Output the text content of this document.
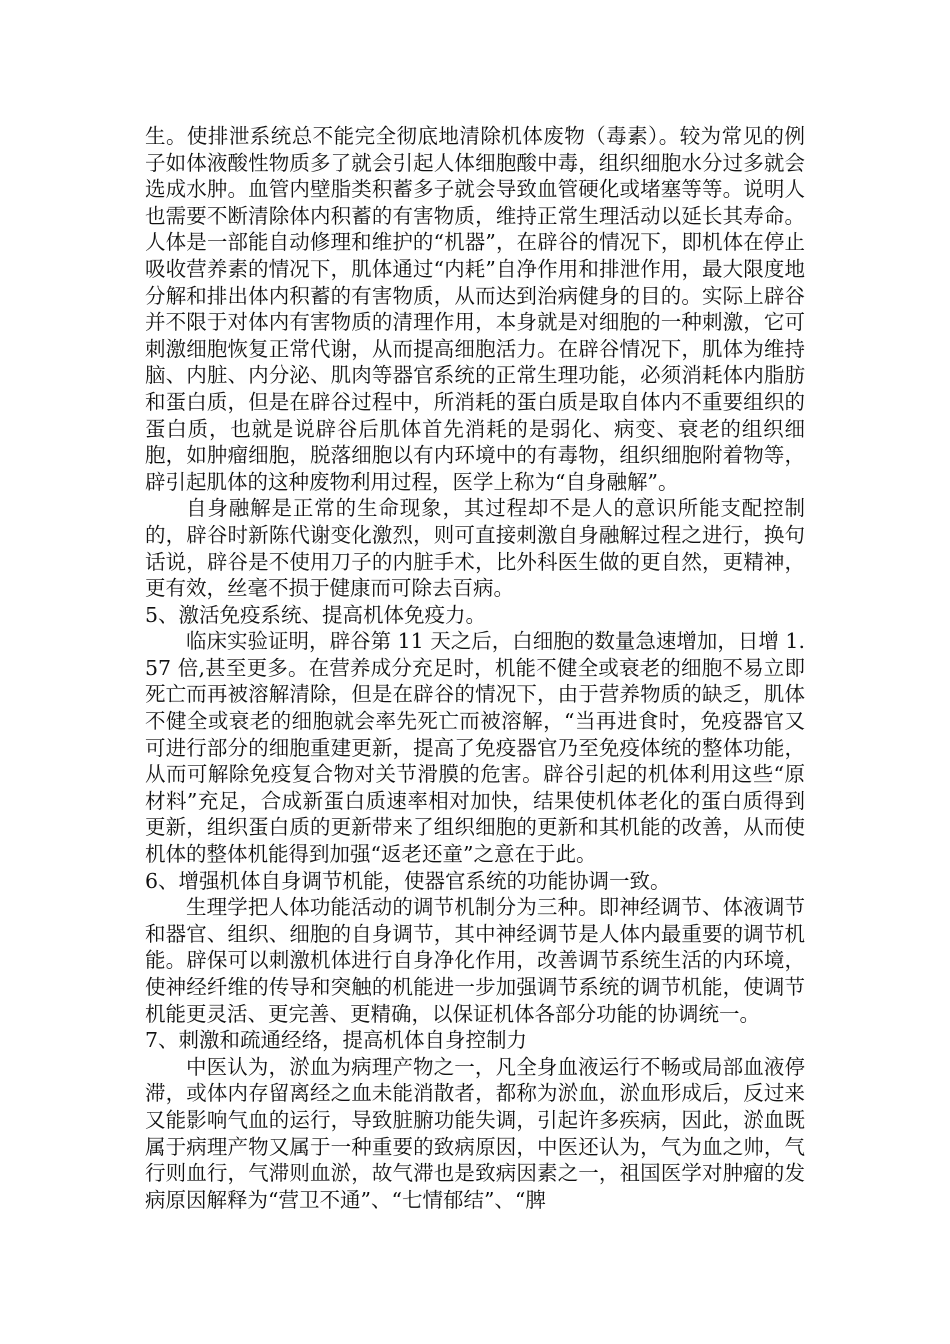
生。使排泄系统总不能完全彻底地清除机体废物（毒素）。较为常见的例子如体液酸性物质多了就会引起人体细胞酸中毒，组织细胞水分过多就会选成水肿。血管内壁脂类积蓄多子就会导致血管硬化或堵塞等等。说明人也需要不断清除体内积蓄的有害物质，维持正常生理活动以延长其寿命。人体是一部能自动修理和维护的“机器”，在辟谷的情况下，即机体在停止吸收营养素的情况下，肌体通过“内耗”自净作用和排泄作用，最大限度地分解和排出体内积蓄的有害物质，从而达到治病健身的目的。实际上辟谷并不限于对体内有害物质的清理作用，本身就是对细胞的一种刺激，它可刺激细胞恢复正常代谢，从而提高细胞活力。在辟谷情况下，肌体为维持脑、内脏、内分泌、肌肉等器官系统的正常生理功能，必须消耗体内脂肪和蛋白质，但是在辟谷过程中，所消耗的蛋白质是取自体内不重要组织的蛋白质，也就是说辟谷后肌体首先消耗的是弱化、病变、衰老的组织细胞，如肿瘤细胞，脱落细胞以有内环境中的有毒物，组织细胞附着物等，辟引起肌体的这种废物利用过程，医学上称为“自身融解”。

自身融解是正常的生命现象，其过程却不是人的意识所能支配控制的，辟谷时新陈代谢变化激烈，则可直接刺激自身融解过程之进行，换句话说，辟谷是不使用刀子的内脏手术，比外科医生做的更自然，更精神，更有效，丝毫不损于健康而可除去百病。

5、激活免疫系统、提高机体免疫力。

临床实验证明，辟谷第 11 天之后，白细胞的数量急速增加，日增 1.57 倍,甚至更多。在营养成分充足时，机能不健全或衰老的细胞不易立即死亡而再被溶解清除，但是在辟谷的情况下，由于营养物质的缺乏，肌体不健全或衰老的细胞就会率先死亡而被溶解，“当再进食时，免疫器官又可进行部分的细胞重建更新，提高了免疫器官乃至免疫体统的整体功能，从而可解除免疫复合物对关节滑膜的危害。辟谷引起的机体利用这些“原材料”充足，合成新蛋白质速率相对加快，结果使机体老化的蛋白质得到更新，组织蛋白质的更新带来了组织细胞的更新和其机能的改善，从而使机体的整体机能得到加强“返老还童”之意在于此。

6、增强机体自身调节机能，使器官系统的功能协调一致。

生理学把人体功能活动的调节机制分为三种。即神经调节、体液调节和器官、组织、细胞的自身调节，其中神经调节是人体内最重要的调节机能。辟保可以刺激机体进行自身净化作用，改善调节系统生活的内环境，使神经纤维的传导和突触的机能进一步加强调节系统的调节机能，使调节机能更灵活、更完善、更精确，以保证机体各部分功能的协调统一。

7、刺激和疏通经络，提高机体自身控制力

中医认为，淤血为病理产物之一，凡全身血液运行不畅或局部血液停滞，或体内存留离经之血未能消散者，都称为淤血，淤血形成后，反过来又能影响气血的运行，导致脏腑功能失调，引起许多疾病，因此，淤血既属于病理产物又属于一种重要的致病原因，中医还认为，气为血之帅，气行则血行，气滞则血淤，故气滞也是致病因素之一，祖国医学对肿瘤的发病原因解释为“营卫不通”、“七情郁结”、“脾
